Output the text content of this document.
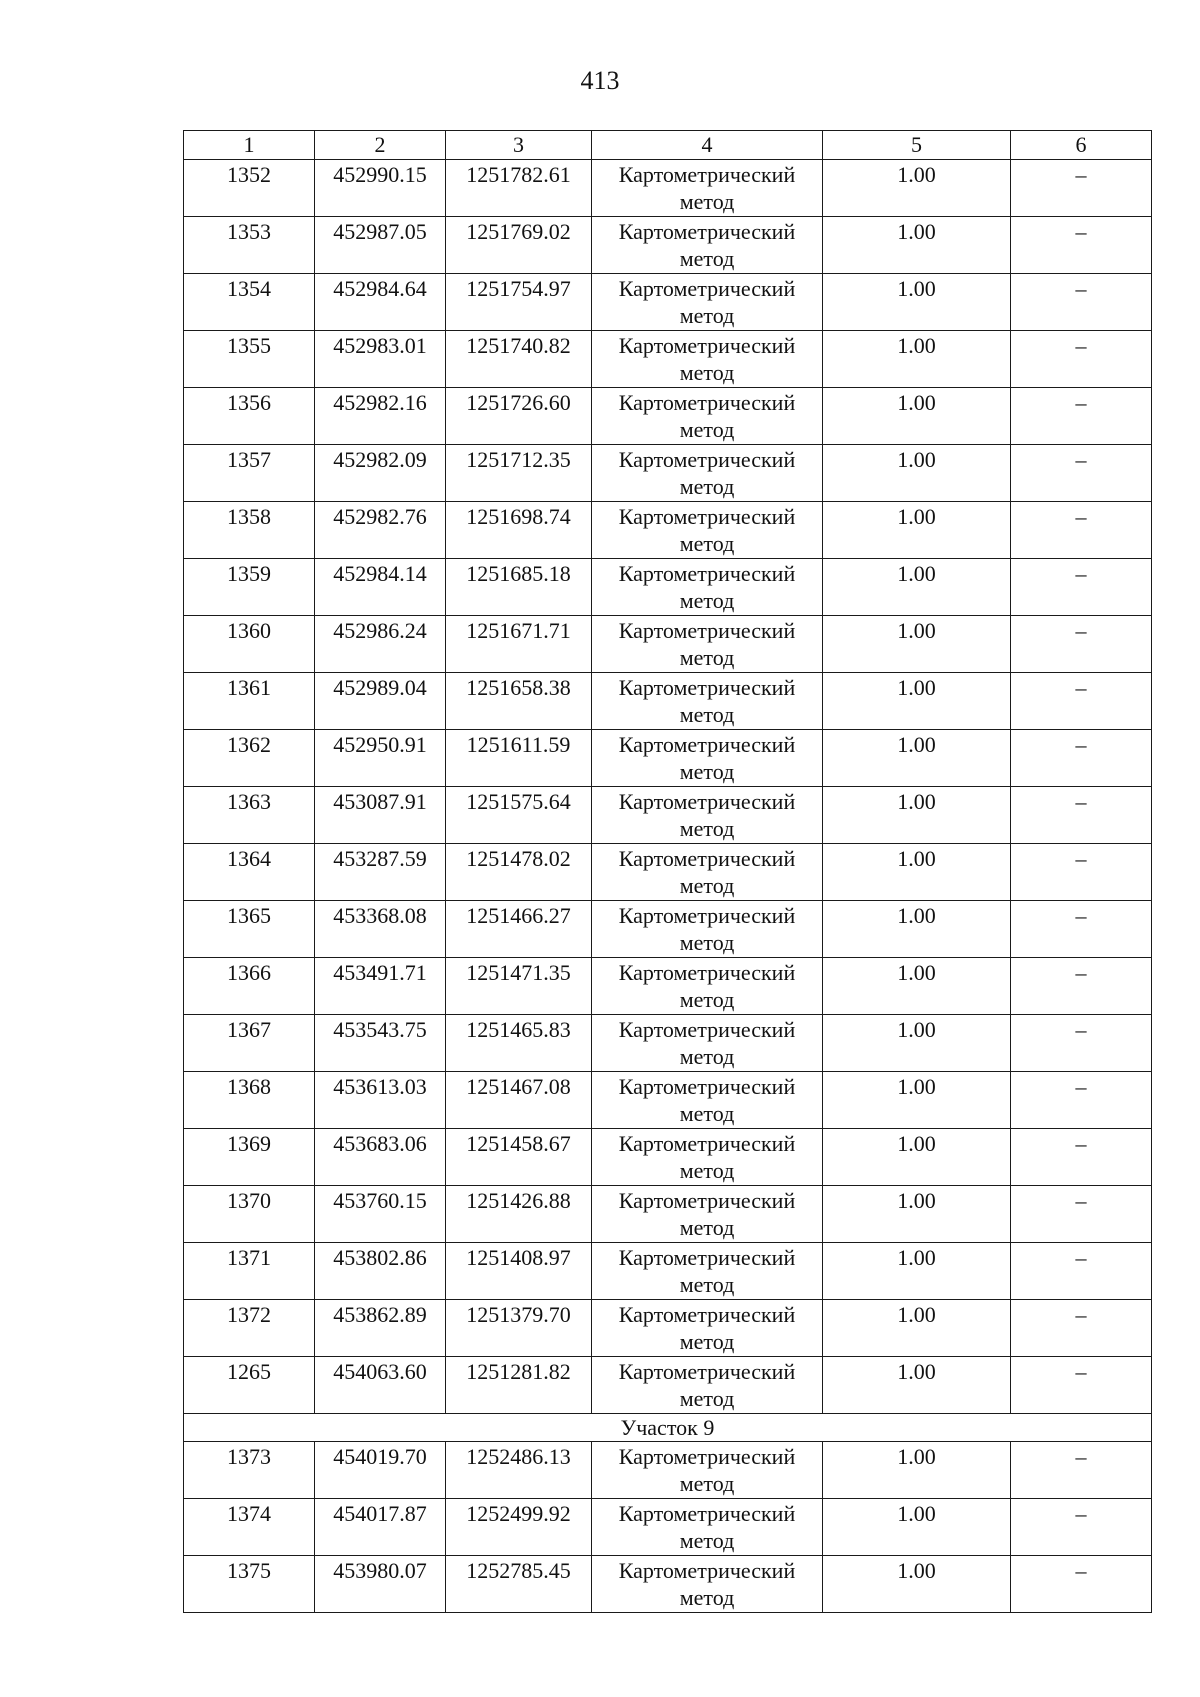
413
1	2	3	4	5	6
1352	452990.15	1251782.61	Картометрический метод	1.00	–
1353	452987.05	1251769.02	Картометрический метод	1.00	–
1354	452984.64	1251754.97	Картометрический метод	1.00	–
1355	452983.01	1251740.82	Картометрический метод	1.00	–
1356	452982.16	1251726.60	Картометрический метод	1.00	–
1357	452982.09	1251712.35	Картометрический метод	1.00	–
1358	452982.76	1251698.74	Картометрический метод	1.00	–
1359	452984.14	1251685.18	Картометрический метод	1.00	–
1360	452986.24	1251671.71	Картометрический метод	1.00	–
1361	452989.04	1251658.38	Картометрический метод	1.00	–
1362	452950.91	1251611.59	Картометрический метод	1.00	–
1363	453087.91	1251575.64	Картометрический метод	1.00	–
1364	453287.59	1251478.02	Картометрический метод	1.00	–
1365	453368.08	1251466.27	Картометрический метод	1.00	–
1366	453491.71	1251471.35	Картометрический метод	1.00	–
1367	453543.75	1251465.83	Картометрический метод	1.00	–
1368	453613.03	1251467.08	Картометрический метод	1.00	–
1369	453683.06	1251458.67	Картометрический метод	1.00	–
1370	453760.15	1251426.88	Картометрический метод	1.00	–
1371	453802.86	1251408.97	Картометрический метод	1.00	–
1372	453862.89	1251379.70	Картометрический метод	1.00	–
1265	454063.60	1251281.82	Картометрический метод	1.00	–
Участок 9					
1373	454019.70	1252486.13	Картометрический метод	1.00	–
1374	454017.87	1252499.92	Картометрический метод	1.00	–
1375	453980.07	1252785.45	Картометрический метод	1.00	–
